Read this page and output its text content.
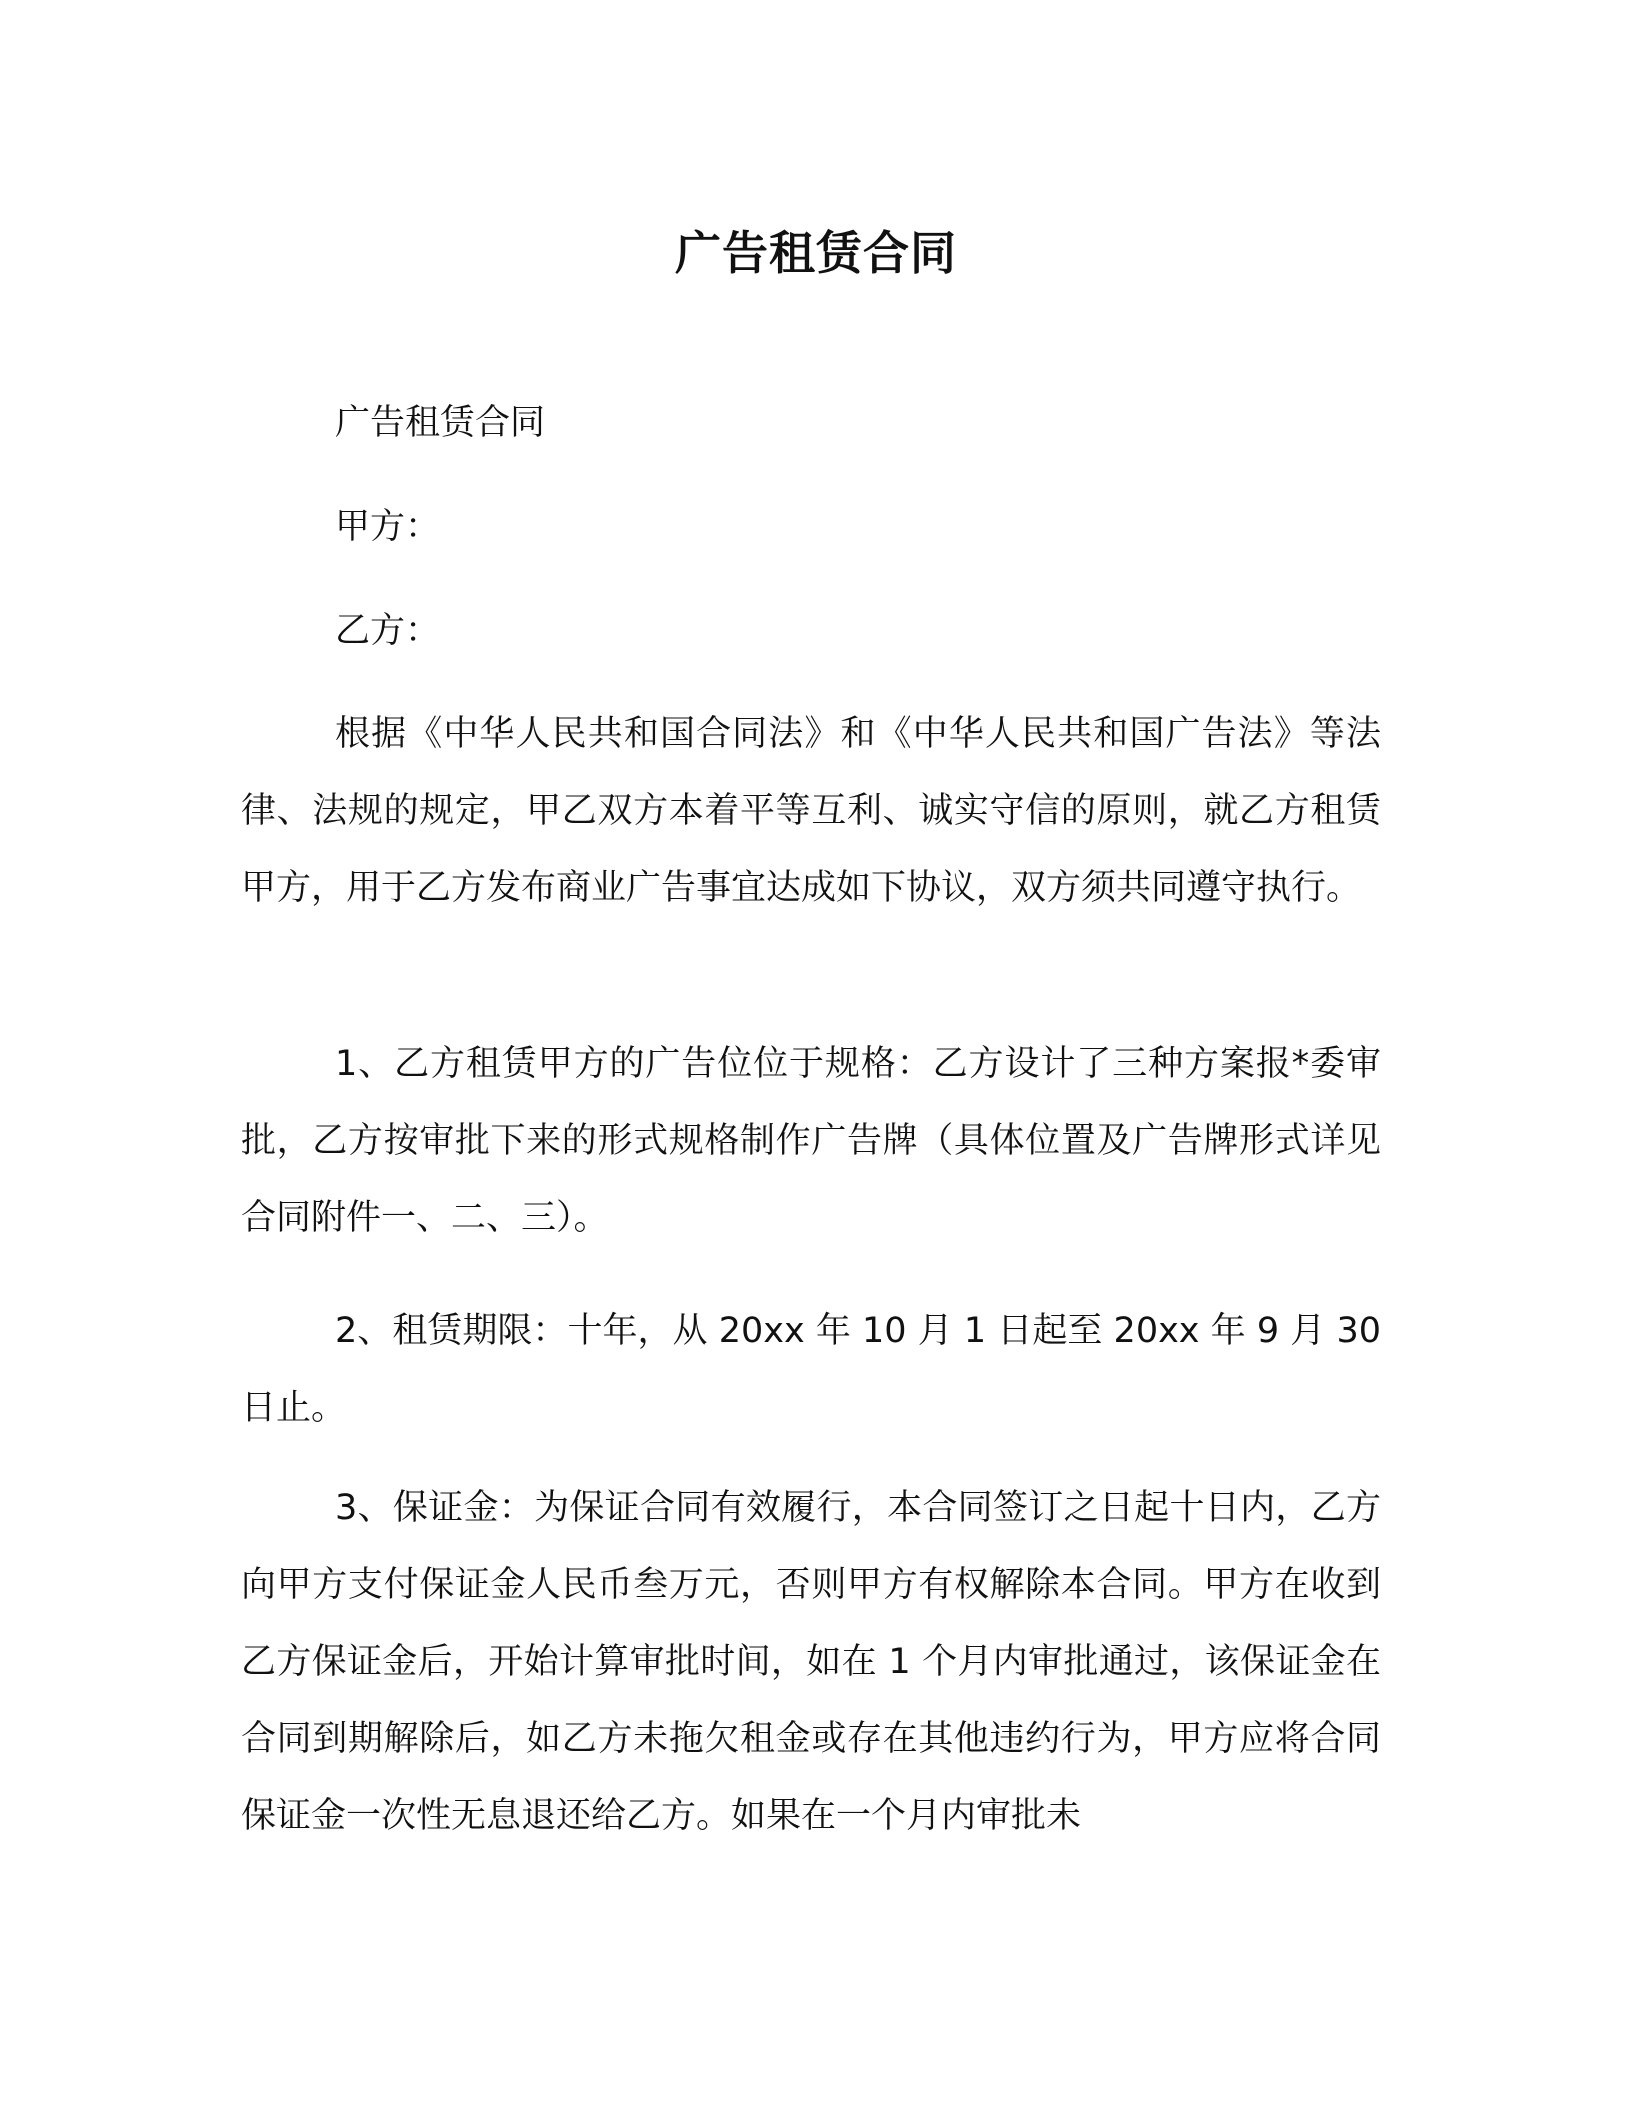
广告租赁合同
广告租赁合同
甲方：
乙方：

根据《中华人民共和国合同法》和《中华人民共和国广告法》等法律、法规的规定，甲乙双方本着平等互利、诚实守信的原则，就乙方租赁甲方，用于乙方发布商业广告事宜达成如下协议，双方须共同遵守执行。

1、乙方租赁甲方的广告位位于规格：乙方设计了三种方案报*委审批，乙方按审批下来的形式规格制作广告牌（具体位置及广告牌形式详见合同附件一、二、三）。

2、租赁期限：十年，从 20xx 年 10 月 1 日起至 20xx 年 9 月 30 日止。

3、保证金：为保证合同有效履行，本合同签订之日起十日内，乙方向甲方支付保证金人民币叁万元，否则甲方有权解除本合同。甲方在收到乙方保证金后，开始计算审批时间，如在 1 个月内审批通过，该保证金在合同到期解除后，如乙方未拖欠租金或存在其他违约行为，甲方应将合同保证金一次性无息退还给乙方。如果在一个月内审批未
